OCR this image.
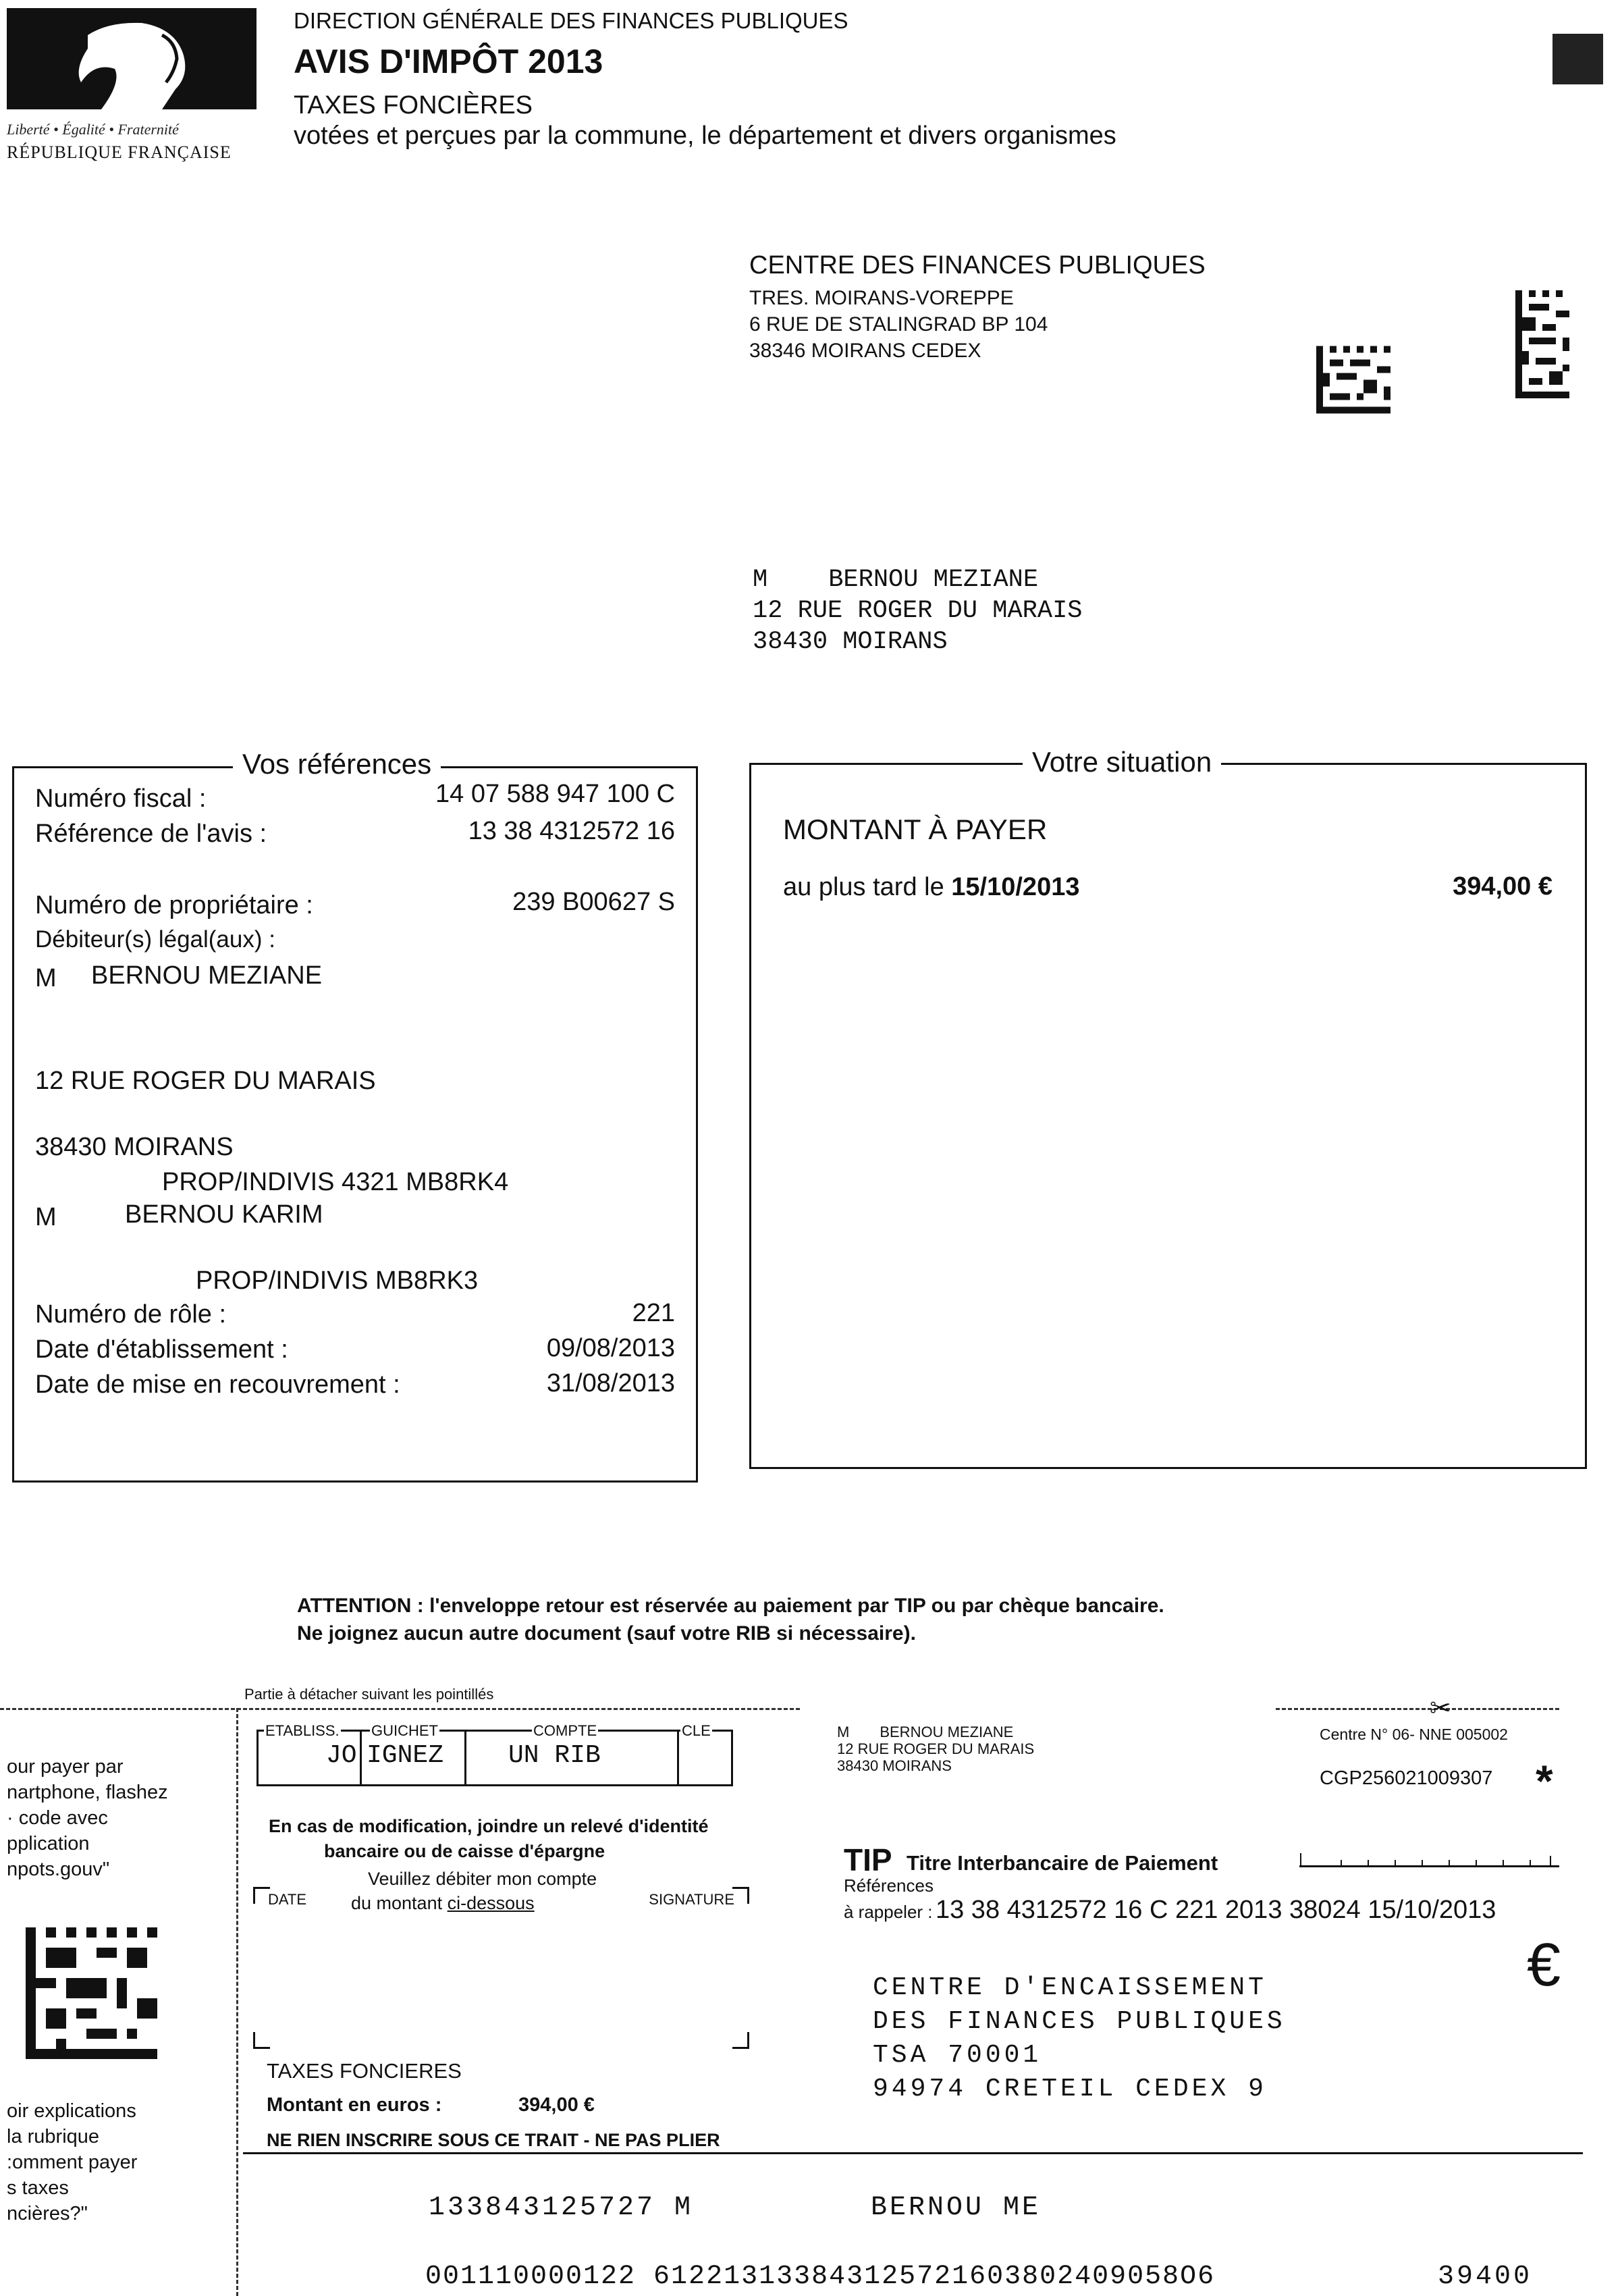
Liberté • Égalité • Fraternité
RÉPUBLIQUE FRANÇAISE
DIRECTION GÉNÉRALE DES FINANCES PUBLIQUES
AVIS D'IMPÔT 2013
TAXES FONCIÈRES
votées et perçues par la commune, le département et divers organismes
CENTRE DES FINANCES PUBLIQUES
TRES. MOIRANS-VOREPPE
6 RUE DE STALINGRAD BP 104
38346 MOIRANS CEDEX
M BERNOU MEZIANE
12 RUE ROGER DU MARAIS
38430 MOIRANS
Vos références
Numéro fiscal :	14 07 588 947 100 C
Référence de l'avis :	13 38 4312572 16
Numéro de propriétaire :	239 B00627 S
Débiteur(s) légal(aux) :
M BERNOU MEZIANE
12 RUE ROGER DU MARAIS
38430 MOIRANS
PROP/INDIVIS 4321 MB8RK4
M	BERNOU KARIM
PROP/INDIVIS MB8RK3
Numéro de rôle :	221
Date d'établissement :	09/08/2013
Date de mise en recouvrement :	31/08/2013
Votre situation
MONTANT À PAYER
au plus tard le 15/10/2013	394,00 €
ATTENTION : l'enveloppe retour est réservée au paiement par TIP ou par chèque bancaire.
Ne joignez aucun autre document (sauf votre RIB si nécessaire).
Partie à détacher suivant les pointillés
✂
our payer par
nartphone, flashez
· code avec
pplication
npots.gouv"
oir explications
la rubrique
:omment payer
s taxes
ncières?"
ETABLISS. GUICHET	COMPTE	CLE
JO IGNEZ	UN RIB
En cas de modification, joindre un relevé d'identité
bancaire ou de caisse d'épargne
Veuillez débiter mon compte
du montant ci-dessous
DATE	SIGNATURE
TAXES FONCIERES
Montant en euros :	394,00 €
NE RIEN INSCRIRE SOUS CE TRAIT - NE PAS PLIER
M BERNOU MEZIANE
12 RUE ROGER DU MARAIS
38430 MOIRANS
Centre N° 06- NNE 005002
CGP256021009307 *
TIP Titre Interbancaire de Paiement
Références
à rappeler : 13 38 4312572 16 C 221 2013 38024 15/10/2013
€
CENTRE D'ENCAISSEMENT
DES FINANCES PUBLIQUES
TSA 70001
94974 CRETEIL CEDEX 9
133843125727 M	BERNOU ME
001110000122 612213133843125721603802409058O6	39400
